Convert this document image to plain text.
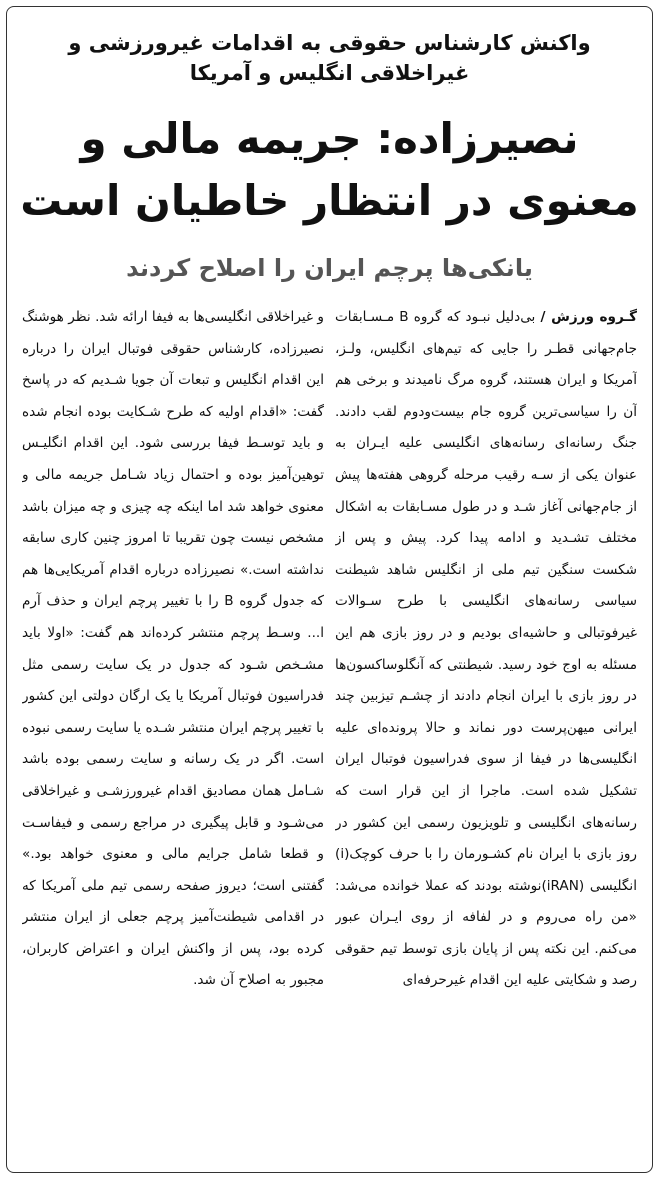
واکنش کارشناس حقوقی به اقدامات غیرورزشی و غیراخلاقی انگلیس و آمریکا
نصیرزاده: جریمه مالی و معنوی در انتظار خاطیان است
یانکی‌ها پرچم ایران را اصلاح کردند

گـروه ورزش / بی‌دلیل نبـود که گروه B مـسـابقات جام‌جهانی قطـر را جایی که تیم‌های انگلیس، ولـز، آمریکا و ایران هستند، گروه مرگ نامیدند و برخی هم آن را سیاسی‌ترین گروه جام بیست‌ودوم لقب دادند. جنگ رسانه‌ای رسانه‌های انگلیسی علیه ایـران به عنوان یکی از سـه رقیب مرحله گروهی هفته‌ها پیش از جام‌جهانی آغاز شـد و در طول مسـابقات به اشکال مختلف تشـدید و ادامه پیدا کرد. پیش و پس از شکست سنگین تیم ملی از انگلیس شاهد شیطنت سیاسی رسانه‌های انگلیسی با طرح سـوالات غیرفوتبالی و حاشیه‌ای بودیم و در روز بازی هم این مسئله به اوج خود رسید. شیطنتی که آنگلوساکسون‌ها در روز بازی با ایران انجام دادند از چشـم تیزبین چند ایرانی میهن‌پرست دور نماند و حالا پرونده‌ای علیه انگلیسی‌ها در فیفا از سوی فدراسیون فوتبال ایران تشکیل شده است. ماجرا از این قرار است که رسانه‌های انگلیسی و تلویزیون رسمی این کشور در روز بازی با ایران نام کشـورمان را با حرف کوچک(i) انگلیسی (iRAN)نوشته بودند که عملا خوانده می‌شد: «من راه می‌روم و در لفافه از روی ایـران عبور می‌کنم. این نکته پس از پایان بازی توسط تیم حقوقی رصد و شکایتی علیه این اقدام غیرحرفه‌ای

و غیراخلاقی انگلیسی‌ها به فیفا ارائه شد. نظر هوشنگ نصیرزاده، کارشناس حقوقی فوتبال ایران را درباره این اقدام انگلیس و تبعات آن جویا شـدیم که در پاسخ گفت: «اقدام اولیه که طرح شـکایت بوده انجام شده و باید توسـط فیفا بررسی شود. این اقدام انگلیـس توهین‌آمیز بوده و احتمال زیاد شـامل جریمه مالی و معنوی خواهد شد اما اینکه چه چیزی و چه میزان باشد مشخص نیست چون تقریبا تا امروز چنین کاری سابقه نداشته است.» نصیرزاده درباره اقدام آمریکایی‌ها هم که جدول گروه B را با تغییر پرچم ایران و حذف آرم ا... وسـط پرچم منتشر کرده‌اند هم گفت: «اولا باید مشـخص شـود که جدول در یک سایت رسمی مثل فدراسیون فوتبال آمریکا یا یک ارگان دولتی این کشور با تغییر پرچم ایران منتشر شـده یا سایت رسمی نبوده است. اگر در یک رسانه و سایت رسمی بوده باشد شـامل همان مصادیق اقدام غیرورزشـی و غیراخلاقی می‌شـود و قابل پیگیری در مراجع رسمی و فیفاسـت و قطعا شامل جرایم مالی و معنوی خواهد بود.» گفتنی است؛ دیروز صفحه رسمی تیم ملی آمریکا که در اقدامی شیطنت‌آمیز پرچم جعلی از ایران منتشر کرده بود، پس از واکنش ایران و اعتراض کاربران، مجبور به اصلاح آن شد.
